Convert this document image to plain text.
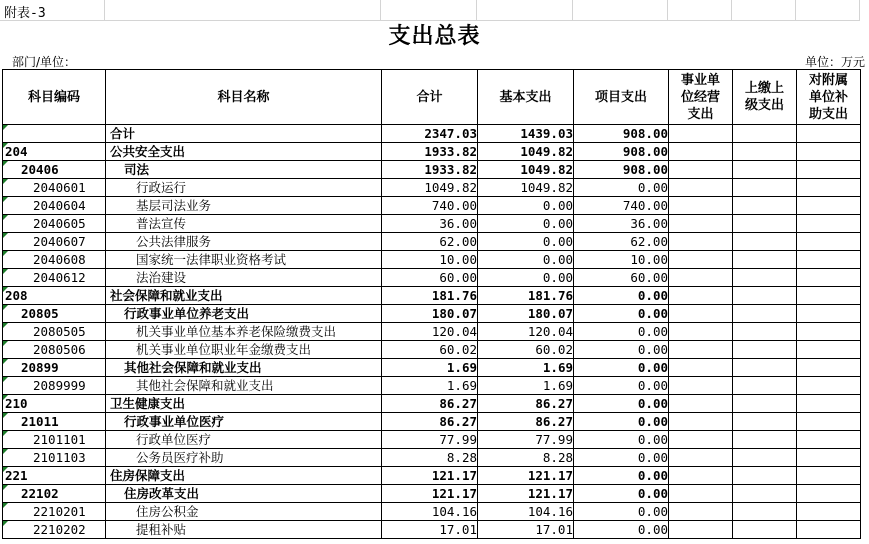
附表-3
支出总表
部门/单位：	单位：万元
科目编码	科目名称	合计	基本支出	项目支出	事业单位经营支出	上缴上级支出	对附属单位补助支出
	合计	2347.03	1439.03	908.00			
204	公共安全支出	1933.82	1049.82	908.00			
20406	司法	1933.82	1049.82	908.00			
2040601	行政运行	1049.82	1049.82	0.00			
2040604	基层司法业务	740.00	0.00	740.00			
2040605	普法宣传	36.00	0.00	36.00			
2040607	公共法律服务	62.00	0.00	62.00			
2040608	国家统一法律职业资格考试	10.00	0.00	10.00			
2040612	法治建设	60.00	0.00	60.00			
208	社会保障和就业支出	181.76	181.76	0.00			
20805	行政事业单位养老支出	180.07	180.07	0.00			
2080505	机关事业单位基本养老保险缴费支出	120.04	120.04	0.00			
2080506	机关事业单位职业年金缴费支出	60.02	60.02	0.00			
20899	其他社会保障和就业支出	1.69	1.69	0.00			
2089999	其他社会保障和就业支出	1.69	1.69	0.00			
210	卫生健康支出	86.27	86.27	0.00			
21011	行政事业单位医疗	86.27	86.27	0.00			
2101101	行政单位医疗	77.99	77.99	0.00			
2101103	公务员医疗补助	8.28	8.28	0.00			
221	住房保障支出	121.17	121.17	0.00			
22102	住房改革支出	121.17	121.17	0.00			
2210201	住房公积金	104.16	104.16	0.00			
2210202	提租补贴	17.01	17.01	0.00			
